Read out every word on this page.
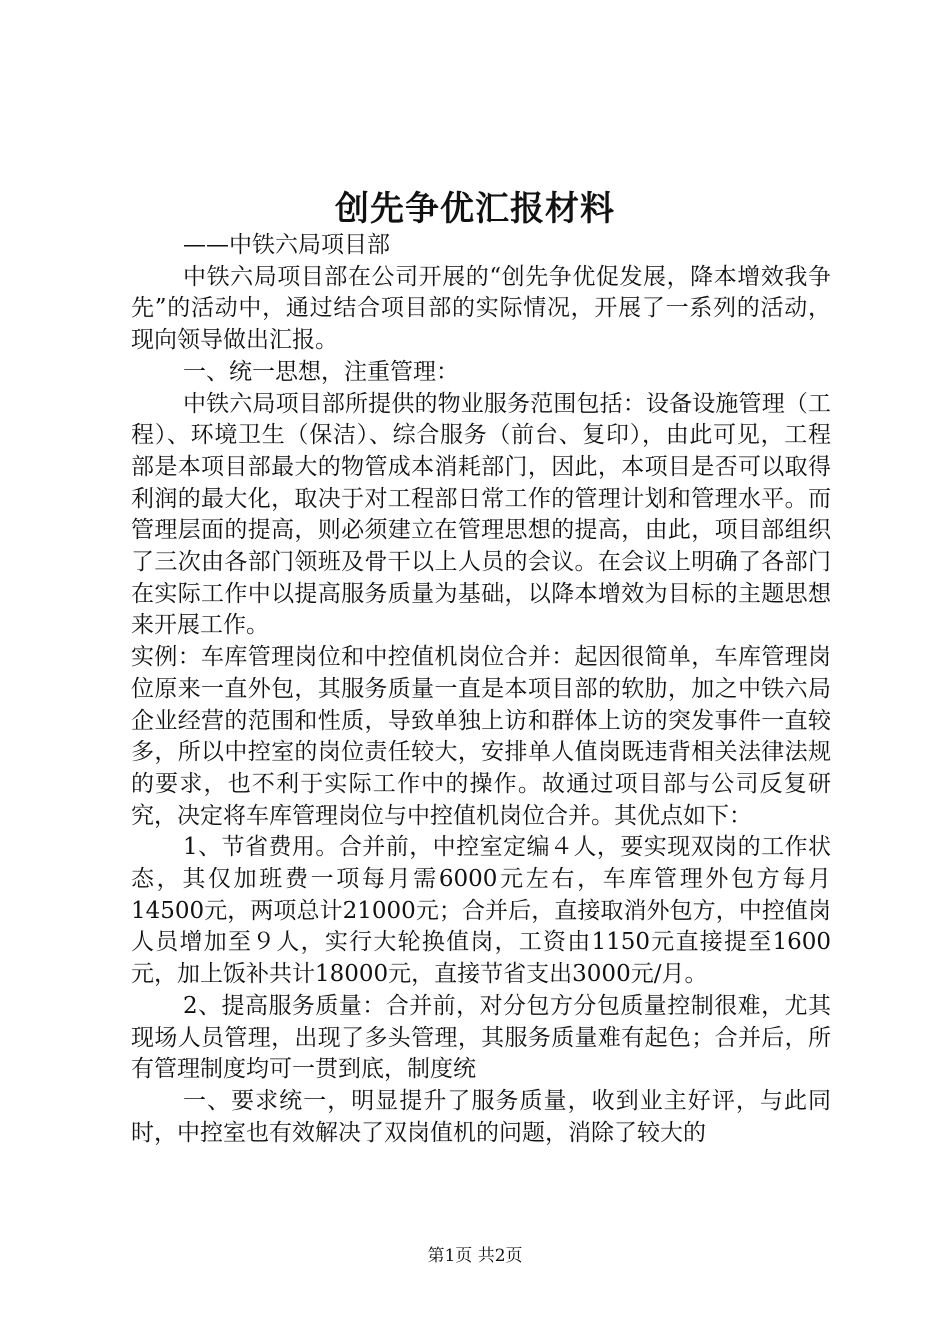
创先争优汇报材料

——中铁六局项目部

中铁六局项目部在公司开展的“创先争优促发展，降本增效我争先”的活动中，通过结合项目部的实际情况，开展了一系列的活动，现向领导做出汇报。

一、统一思想，注重管理：

中铁六局项目部所提供的物业服务范围包括：设备设施管理（工程）、环境卫生（保洁）、综合服务（前台、复印），由此可见，工程部是本项目部最大的物管成本消耗部门，因此，本项目是否可以取得利润的最大化，取决于对工程部日常工作的管理计划和管理水平。而管理层面的提高，则必须建立在管理思想的提高，由此，项目部组织了三次由各部门领班及骨干以上人员的会议。在会议上明确了各部门在实际工作中以提高服务质量为基础，以降本增效为目标的主题思想来开展工作。

实例：车库管理岗位和中控值机岗位合并：起因很简单，车库管理岗位原来一直外包，其服务质量一直是本项目部的软肋，加之中铁六局企业经营的范围和性质，导致单独上访和群体上访的突发事件一直较多，所以中控室的岗位责任较大，安排单人值岗既违背相关法律法规的要求，也不利于实际工作中的操作。故通过项目部与公司反复研究，决定将车库管理岗位与中控值机岗位合并。其优点如下：

1、节省费用。合并前，中控室定编４人，要实现双岗的工作状态，其仅加班费一项每月需6000元左右，车库管理外包方每月14500元，两项总计21000元；合并后，直接取消外包方，中控值岗人员增加至９人，实行大轮换值岗，工资由1150元直接提至1600元，加上饭补共计18000元，直接节省支出3000元/月。

2、提高服务质量：合并前，对分包方分包质量控制很难，尤其现场人员管理，出现了多头管理，其服务质量难有起色；合并后，所有管理制度均可一贯到底，制度统

一、要求统一，明显提升了服务质量，收到业主好评，与此同时，中控室也有效解决了双岗值机的问题，消除了较大的

第1页 共2页
